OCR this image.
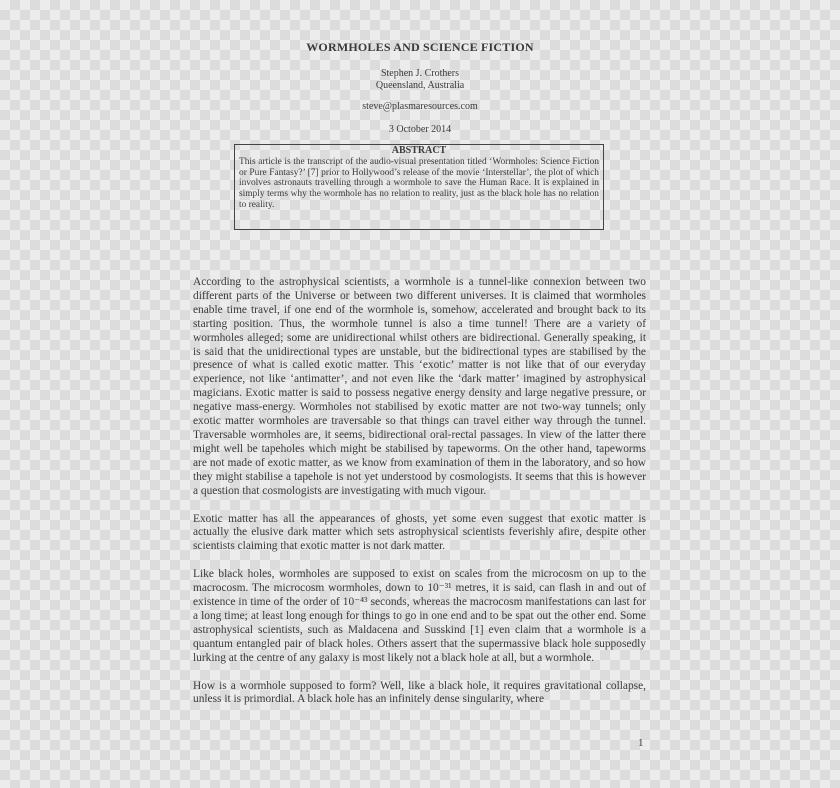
WORMHOLES AND SCIENCE FICTION
Stephen J. Crothers
Queensland, Australia
steve@plasmaresources.com
3 October 2014
ABSTRACT
This article is the transcript of the audio-visual presentation titled ‘Wormholes: Science Fiction or Pure Fantasy?’ [7] prior to Hollywood’s release of the movie ‘Interstellar’, the plot of which involves astronauts travelling through a wormhole to save the Human Race. It is explained in simply terms why the wormhole has no relation to reality, just as the black hole has no relation to reality.

According to the astrophysical scientists, a wormhole is a tunnel-like connexion between two different parts of the Universe or between two different universes. It is claimed that wormholes enable time travel, if one end of the wormhole is, somehow, accelerated and brought back to its starting position. Thus, the wormhole tunnel is also a time tunnel! There are a variety of wormholes alleged; some are unidirectional whilst others are bidirectional. Generally speaking, it is said that the unidirectional types are unstable, but the bidirectional types are stabilised by the presence of what is called exotic matter. This ‘exotic’ matter is not like that of our everyday experience, not like ‘antimatter’, and not even like the ‘dark matter’ imagined by astrophysical magicians. Exotic matter is said to possess negative energy density and large negative pressure, or negative mass-energy. Wormholes not stabilised by exotic matter are not two-way tunnels; only exotic matter wormholes are traversable so that things can travel either way through the tunnel. Traversable wormholes are, it seems, bidirectional oral-rectal passages. In view of the latter there might well be tapeholes which might be stabilised by tapeworms. On the other hand, tapeworms are not made of exotic matter, as we know from examination of them in the laboratory, and so how they might stabilise a tapehole is not yet understood by cosmologists. It seems that this is however a question that cosmologists are investigating with much vigour.

Exotic matter has all the appearances of ghosts, yet some even suggest that exotic matter is actually the elusive dark matter which sets astrophysical scientists feverishly afire, despite other scientists claiming that exotic matter is not dark matter.

Like black holes, wormholes are supposed to exist on scales from the microcosm on up to the macrocosm. The microcosm wormholes, down to 10⁻³¹ metres, it is said, can flash in and out of existence in time of the order of 10⁻⁴³ seconds, whereas the macrocosm manifestations can last for a long time; at least long enough for things to go in one end and to be spat out the other end. Some astrophysical scientists, such as Maldacena and Susskind [1] even claim that a wormhole is a quantum entangled pair of black holes. Others assert that the supermassive black hole supposedly lurking at the centre of any galaxy is most likely not a black hole at all, but a wormhole.

How is a wormhole supposed to form? Well, like a black hole, it requires gravitational collapse, unless it is primordial. A black hole has an infinitely dense singularity, where

1
